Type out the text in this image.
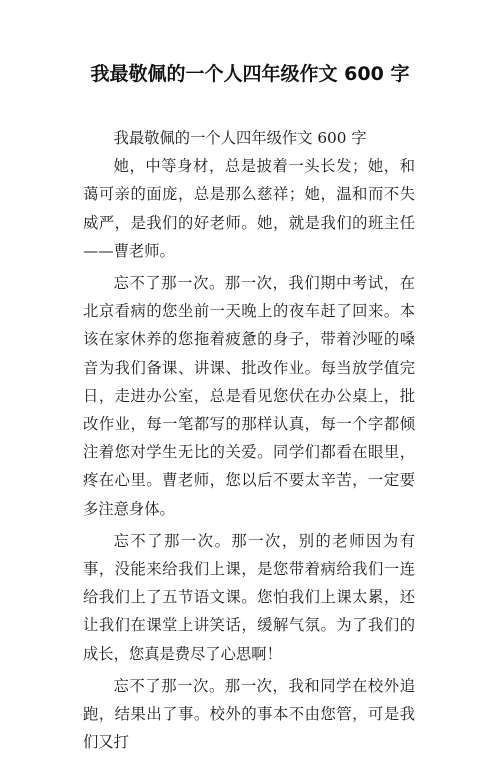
我最敬佩的一个人四年级作文 600 字

我最敬佩的一个人四年级作文 600 字

她，中等身材，总是披着一头长发；她，和蔼可亲的面庞，总是那么慈祥；她，温和而不失威严，是我们的好老师。她，就是我们的班主任——曹老师。

忘不了那一次。那一次，我们期中考试，在北京看病的您坐前一天晚上的夜车赶了回来。本该在家休养的您拖着疲惫的身子，带着沙哑的嗓音为我们备课、讲课、批改作业。每当放学值完日，走进办公室，总是看见您伏在办公桌上，批改作业，每一笔都写的那样认真，每一个字都倾注着您对学生无比的关爱。同学们都看在眼里，疼在心里。曹老师，您以后不要太辛苦，一定要多注意身体。

忘不了那一次。那一次，别的老师因为有事，没能来给我们上课，是您带着病给我们一连给我们上了五节语文课。您怕我们上课太累，还让我们在课堂上讲笑话，缓解气氛。为了我们的成长，您真是费尽了心思啊！

忘不了那一次。那一次，我和同学在校外追跑，结果出了事。校外的事本不由您管，可是我们又打
